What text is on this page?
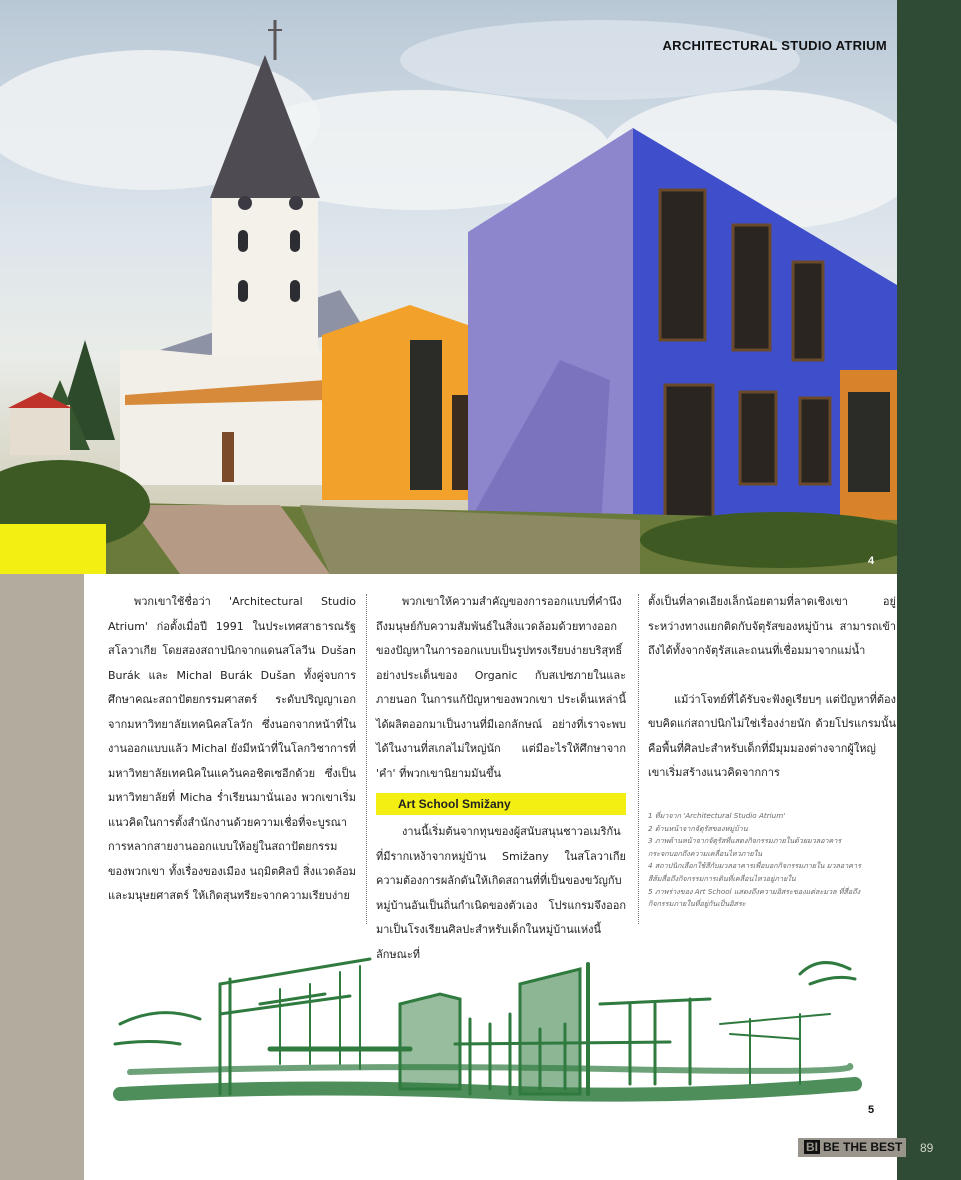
ARCHITECTURAL STUDIO ATRIUM
4

พวกเขาใช้ชื่อว่า 'Architectural Studio Atrium' ก่อตั้งเมื่อปี 1991 ในประเทศสาธารณรัฐสโลวาเกีย โดยสองสถาปนิกจากแดนสโลวีน Dušan Burák และ Michal Burák Dušan ทั้งคู่จบการศึกษาคณะสถาปัตยกรรมศาสตร์ ระดับปริญญาเอกจากมหาวิทยาลัยเทคนิคสโลวัก ซึ่งนอกจากหน้าที่ในงานออกแบบแล้ว Michal ยังมีหน้าที่ในโลกวิชาการที่มหาวิทยาลัยเทคนิคในแคว้นคอชิตเซอีกด้วย ซึ่งเป็นมหาวิทยาลัยที่ Micha ร่ำเรียนมานั่นเอง พวกเขาเริ่มแนวคิดในการตั้งสำนักงานด้วยความเชื่อที่จะบูรณาการหลากสายงานออกแบบให้อยู่ในสถาปัตยกรรมของพวกเขา ทั้งเรื่องของเมือง นฤมิตศิลป์ สิ่งแวดล้อม และมนุษยศาสตร์ ให้เกิดสุนทรียะจากความเรียบง่าย

พวกเขาให้ความสำคัญของการออกแบบที่คำนึงถึงมนุษย์กับความสัมพันธ์ในสิ่งแวดล้อมด้วยทางออกของปัญหาในการออกแบบเป็นรูปทรงเรียบง่ายบริสุทธิ์ อย่างประเด็นของ Organic กับสเปซภายในและภายนอก ในการแก้ปัญหาของพวกเขา ประเด็นเหล่านี้ได้ผลิตออกมาเป็นงานที่มีเอกลักษณ์ อย่างที่เราจะพบได้ในงานที่สเกลไม่ใหญ่นัก แต่มีอะไรให้ศึกษาจาก 'คำ' ที่พวกเขานิยามมันขึ้น

Art School Smižany

งานนี้เริ่มต้นจากทุนของผู้สนับสนุนชาวอเมริกันที่มีรากเหง้าจากหมู่บ้าน Smižany ในสโลวาเกีย ความต้องการผลักดันให้เกิดสถานที่ที่เป็นของขวัญกับหมู่บ้านอันเป็นถิ่นกำเนิดของตัวเอง โปรแกรมจึงออกมาเป็นโรงเรียนศิลปะสำหรับเด็กในหมู่บ้านแห่งนี้ ลักษณะที่

ตั้งเป็นที่ลาดเอียงเล็กน้อยตามที่ลาดเชิงเขา อยู่ระหว่างทางแยกติดกับจัตุรัสของหมู่บ้าน สามารถเข้าถึงได้ทั้งจากจัตุรัสและถนนที่เชื่อมมาจากแม่น้ำ

แม้ว่าโจทย์ที่ได้รับจะฟังดูเรียบๆ แต่ปัญหาที่ต้องขบคิดแก่สถาปนิกไม่ใช่เรื่องง่ายนัก ด้วยโปรแกรมนั้นคือพื้นที่ศิลปะสำหรับเด็กที่มีมุมมองต่างจากผู้ใหญ่ เขาเริ่มสร้างแนวคิดจากการ

1 ที่มาจาก 'Architectural Studio Atrium'
2 ด้านหน้าจากจัตุรัสของหมู่บ้าน
3 ภาพด้านหน้าจากจัตุรัสที่แสดงกิจกรรมภายในด้วยมวลอาคาร
กระจกบอกถึงความเคลื่อนไหวภายใน
4 สถาปนิกเลือกใช้สีกับมวลอาคารเพื่อบอกกิจกรรมภายใน มวลอาคาร
สีส้มสื่อถึงกิจกรรมการเดินที่เคลื่อนไหวอยู่ภายใน
5 ภาพร่างของ Art School แสดงถึงความอิสระของแต่ละมวล ที่สื่อถึง
กิจกรรมภายในที่อยู่กันเป็นอิสระ
5
BI BE THE BEST	89
